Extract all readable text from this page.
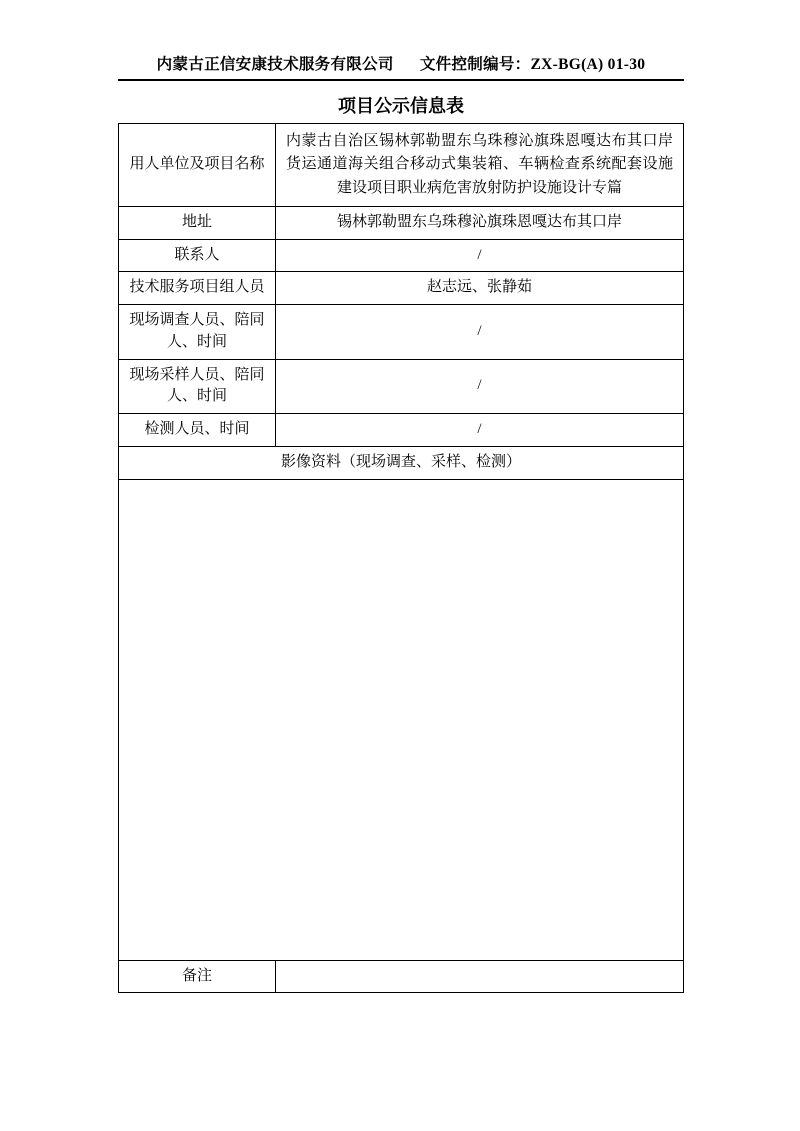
内蒙古正信安康技术服务有限公司 文件控制编号：ZX-BG(A) 01-30
项目公示信息表
用人单位及项目名称	内蒙古自治区锡林郭勒盟东乌珠穆沁旗珠恩嘎达布其口岸货运通道海关组合移动式集装箱、车辆检查系统配套设施建设项目职业病危害放射防护设施设计专篇
地址	锡林郭勒盟东乌珠穆沁旗珠恩嘎达布其口岸
联系人	/
技术服务项目组人员	赵志远、张静茹
现场调查人员、陪同人、时间	/
现场采样人员、陪同人、时间	/
检测人员、时间	/
影像资料（现场调查、采样、检测）	

备注	
